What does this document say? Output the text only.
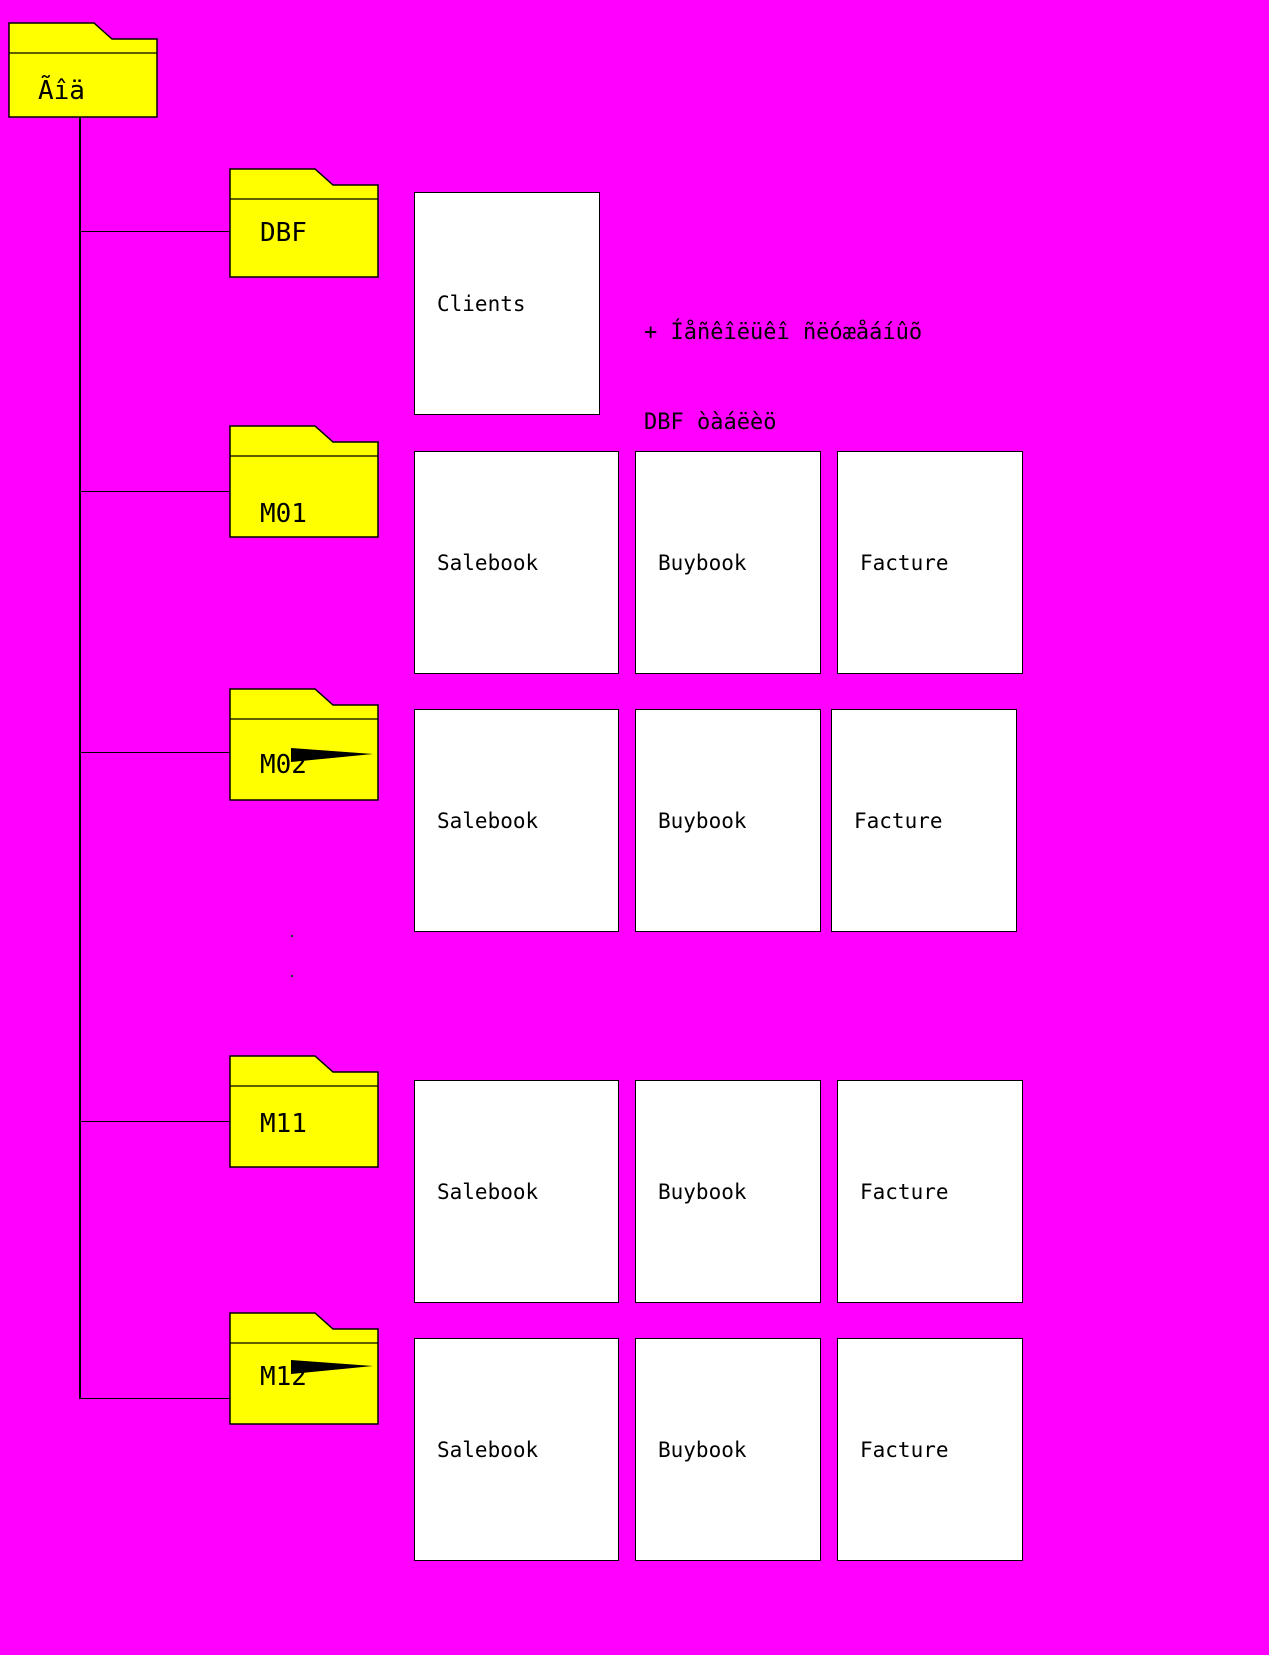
Ãîä
DBF
M01
M02
M11
M12
Clients

+ Íåñêîëüêî ñëóæåáíûõ

DBF òàáëèö

Salebook	Buybook	Facture
Salebook	Buybook	Facture
Salebook	Buybook	Facture
Salebook	Buybook	Facture
